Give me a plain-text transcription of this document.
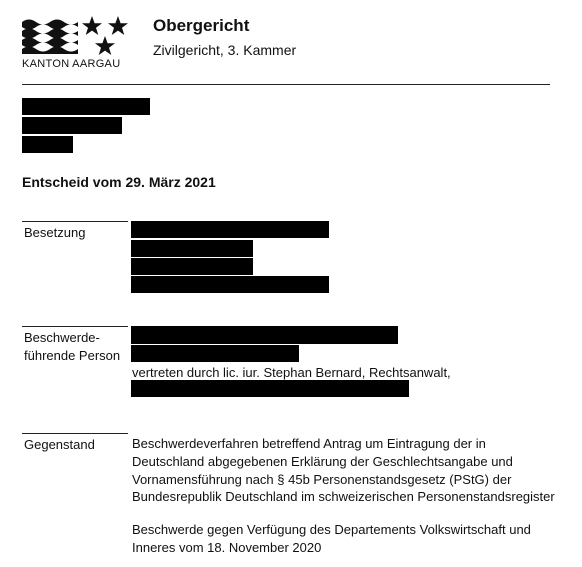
KANTON AARGAU
Obergericht
Zivilgericht, 3. Kammer
Entscheid vom 29. März 2021
Besetzung
Beschwerde-
führende Person
vertreten durch lic. iur. Stephan Bernard, Rechtsanwalt,
Gegenstand	Beschwerdeverfahren betreffend Antrag um Eintragung der in
Deutschland abgegebenen Erklärung der Geschlechtsangabe und
Vornamensführung nach § 45b Personenstandsgesetz (PStG) der
Bundesrepublik Deutschland im schweizerischen Personenstandsregister
Beschwerde gegen Verfügung des Departements Volkswirtschaft und
Inneres vom 18. November 2020
